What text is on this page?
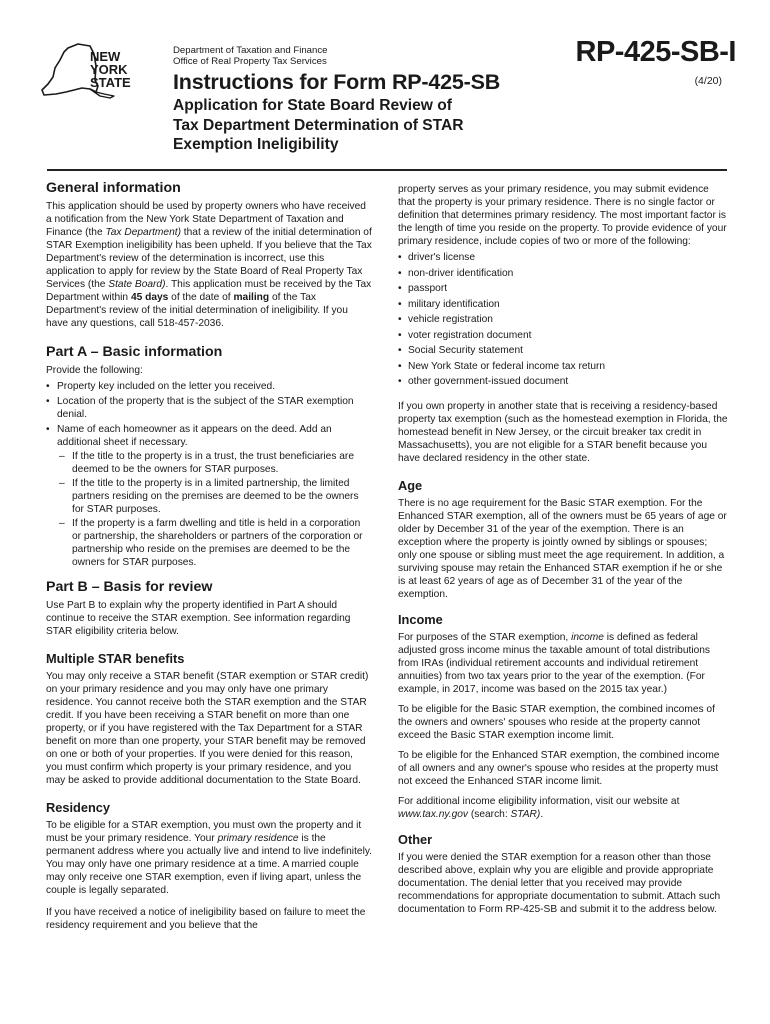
NEW
YORK
STATE
Department of Taxation and Finance
Office of Real Property Tax Services
Instructions for Form RP-425-SB
Application for State Board Review of
Tax Department Determination of STAR
Exemption Ineligibility
RP-425-SB-I
(4/20)
General information

This application should be used by property owners who have received a notification from the New York State Department of Taxation and Finance (the Tax Department) that a review of the initial determination of STAR Exemption ineligibility has been upheld. If you believe that the Tax Department's review of the determination is incorrect, use this application to apply for review by the State Board of Real Property Tax Services (the State Board). This application must be received by the Tax Department within 45 days of the date of mailing of the Tax Department's review of the initial determination of ineligibility. If you have any questions, call 518-457-2036.

Part A – Basic information

Provide the following:

• Property key included on the letter you received.
• Location of the property that is the subject of the STAR exemption denial.
• Name of each homeowner as it appears on the deed. Add an additional sheet if necessary.
– If the title to the property is in a trust, the trust beneficiaries are deemed to be the owners for STAR purposes.
– If the title to the property is in a limited partnership, the limited partners residing on the premises are deemed to be the owners for STAR purposes.
– If the property is a farm dwelling and title is held in a corporation or partnership, the shareholders or partners of the corporation or partnership who reside on the premises are deemed to be the owners for STAR purposes.
Part B – Basis for review

Use Part B to explain why the property identified in Part A should continue to receive the STAR exemption. See information regarding STAR eligibility criteria below.

Multiple STAR benefits

You may only receive a STAR benefit (STAR exemption or STAR credit) on your primary residence and you may only have one primary residence. You cannot receive both the STAR exemption and the STAR credit. If you have been receiving a STAR benefit on more than one property, or if you have registered with the Tax Department for a STAR benefit on more than one property, your STAR benefit may be removed on one or both of your properties. If you were denied for this reason, you must confirm which property is your primary residence, and you may be asked to provide additional documentation to the State Board.

Residency

To be eligible for a STAR exemption, you must own the property and it must be your primary residence. Your primary residence is the permanent address where you actually live and intend to live indefinitely. You may only have one primary residence at a time. A married couple may only receive one STAR exemption, even if living apart, unless the couple is legally separated.

If you have received a notice of ineligibility based on failure to meet the residency requirement and you believe that the

property serves as your primary residence, you may submit evidence that the property is your primary residence. There is no single factor or definition that determines primary residency. The most important factor is the length of time you reside on the property. To provide evidence of your primary residence, include copies of two or more of the following:

• driver's license
• non-driver identification
• passport
• military identification
• vehicle registration
• voter registration document
• Social Security statement
• New York State or federal income tax return
• other government-issued document

If you own property in another state that is receiving a residency-based property tax exemption (such as the homestead exemption in Florida, the homestead benefit in New Jersey, or the circuit breaker tax credit in Massachusetts), you are not eligible for a STAR benefit because you have declared residency in the other state.

Age

There is no age requirement for the Basic STAR exemption. For the Enhanced STAR exemption, all of the owners must be 65 years of age or older by December 31 of the year of the exemption. There is an exception where the property is jointly owned by siblings or spouses; only one spouse or sibling must meet the age requirement. In addition, a surviving spouse may retain the Enhanced STAR exemption if he or she is at least 62 years of age as of December 31 of the year of the exemption.

Income

For purposes of the STAR exemption, income is defined as federal adjusted gross income minus the taxable amount of total distributions from IRAs (individual retirement accounts and individual retirement annuities) from two tax years prior to the year of the exemption. (For example, in 2017, income was based on the 2015 tax year.)

To be eligible for the Basic STAR exemption, the combined incomes of the owners and owners' spouses who reside at the property cannot exceed the Basic STAR exemption income limit.

To be eligible for the Enhanced STAR exemption, the combined income of all owners and any owner's spouse who resides at the property must not exceed the Enhanced STAR income limit.

For additional income eligibility information, visit our website at www.tax.ny.gov (search: STAR).

Other

If you were denied the STAR exemption for a reason other than those described above, explain why you are eligible and provide appropriate documentation. The denial letter that you received may provide recommendations for appropriate documentation to submit. Attach such documentation to Form RP-425-SB and submit it to the address below.
